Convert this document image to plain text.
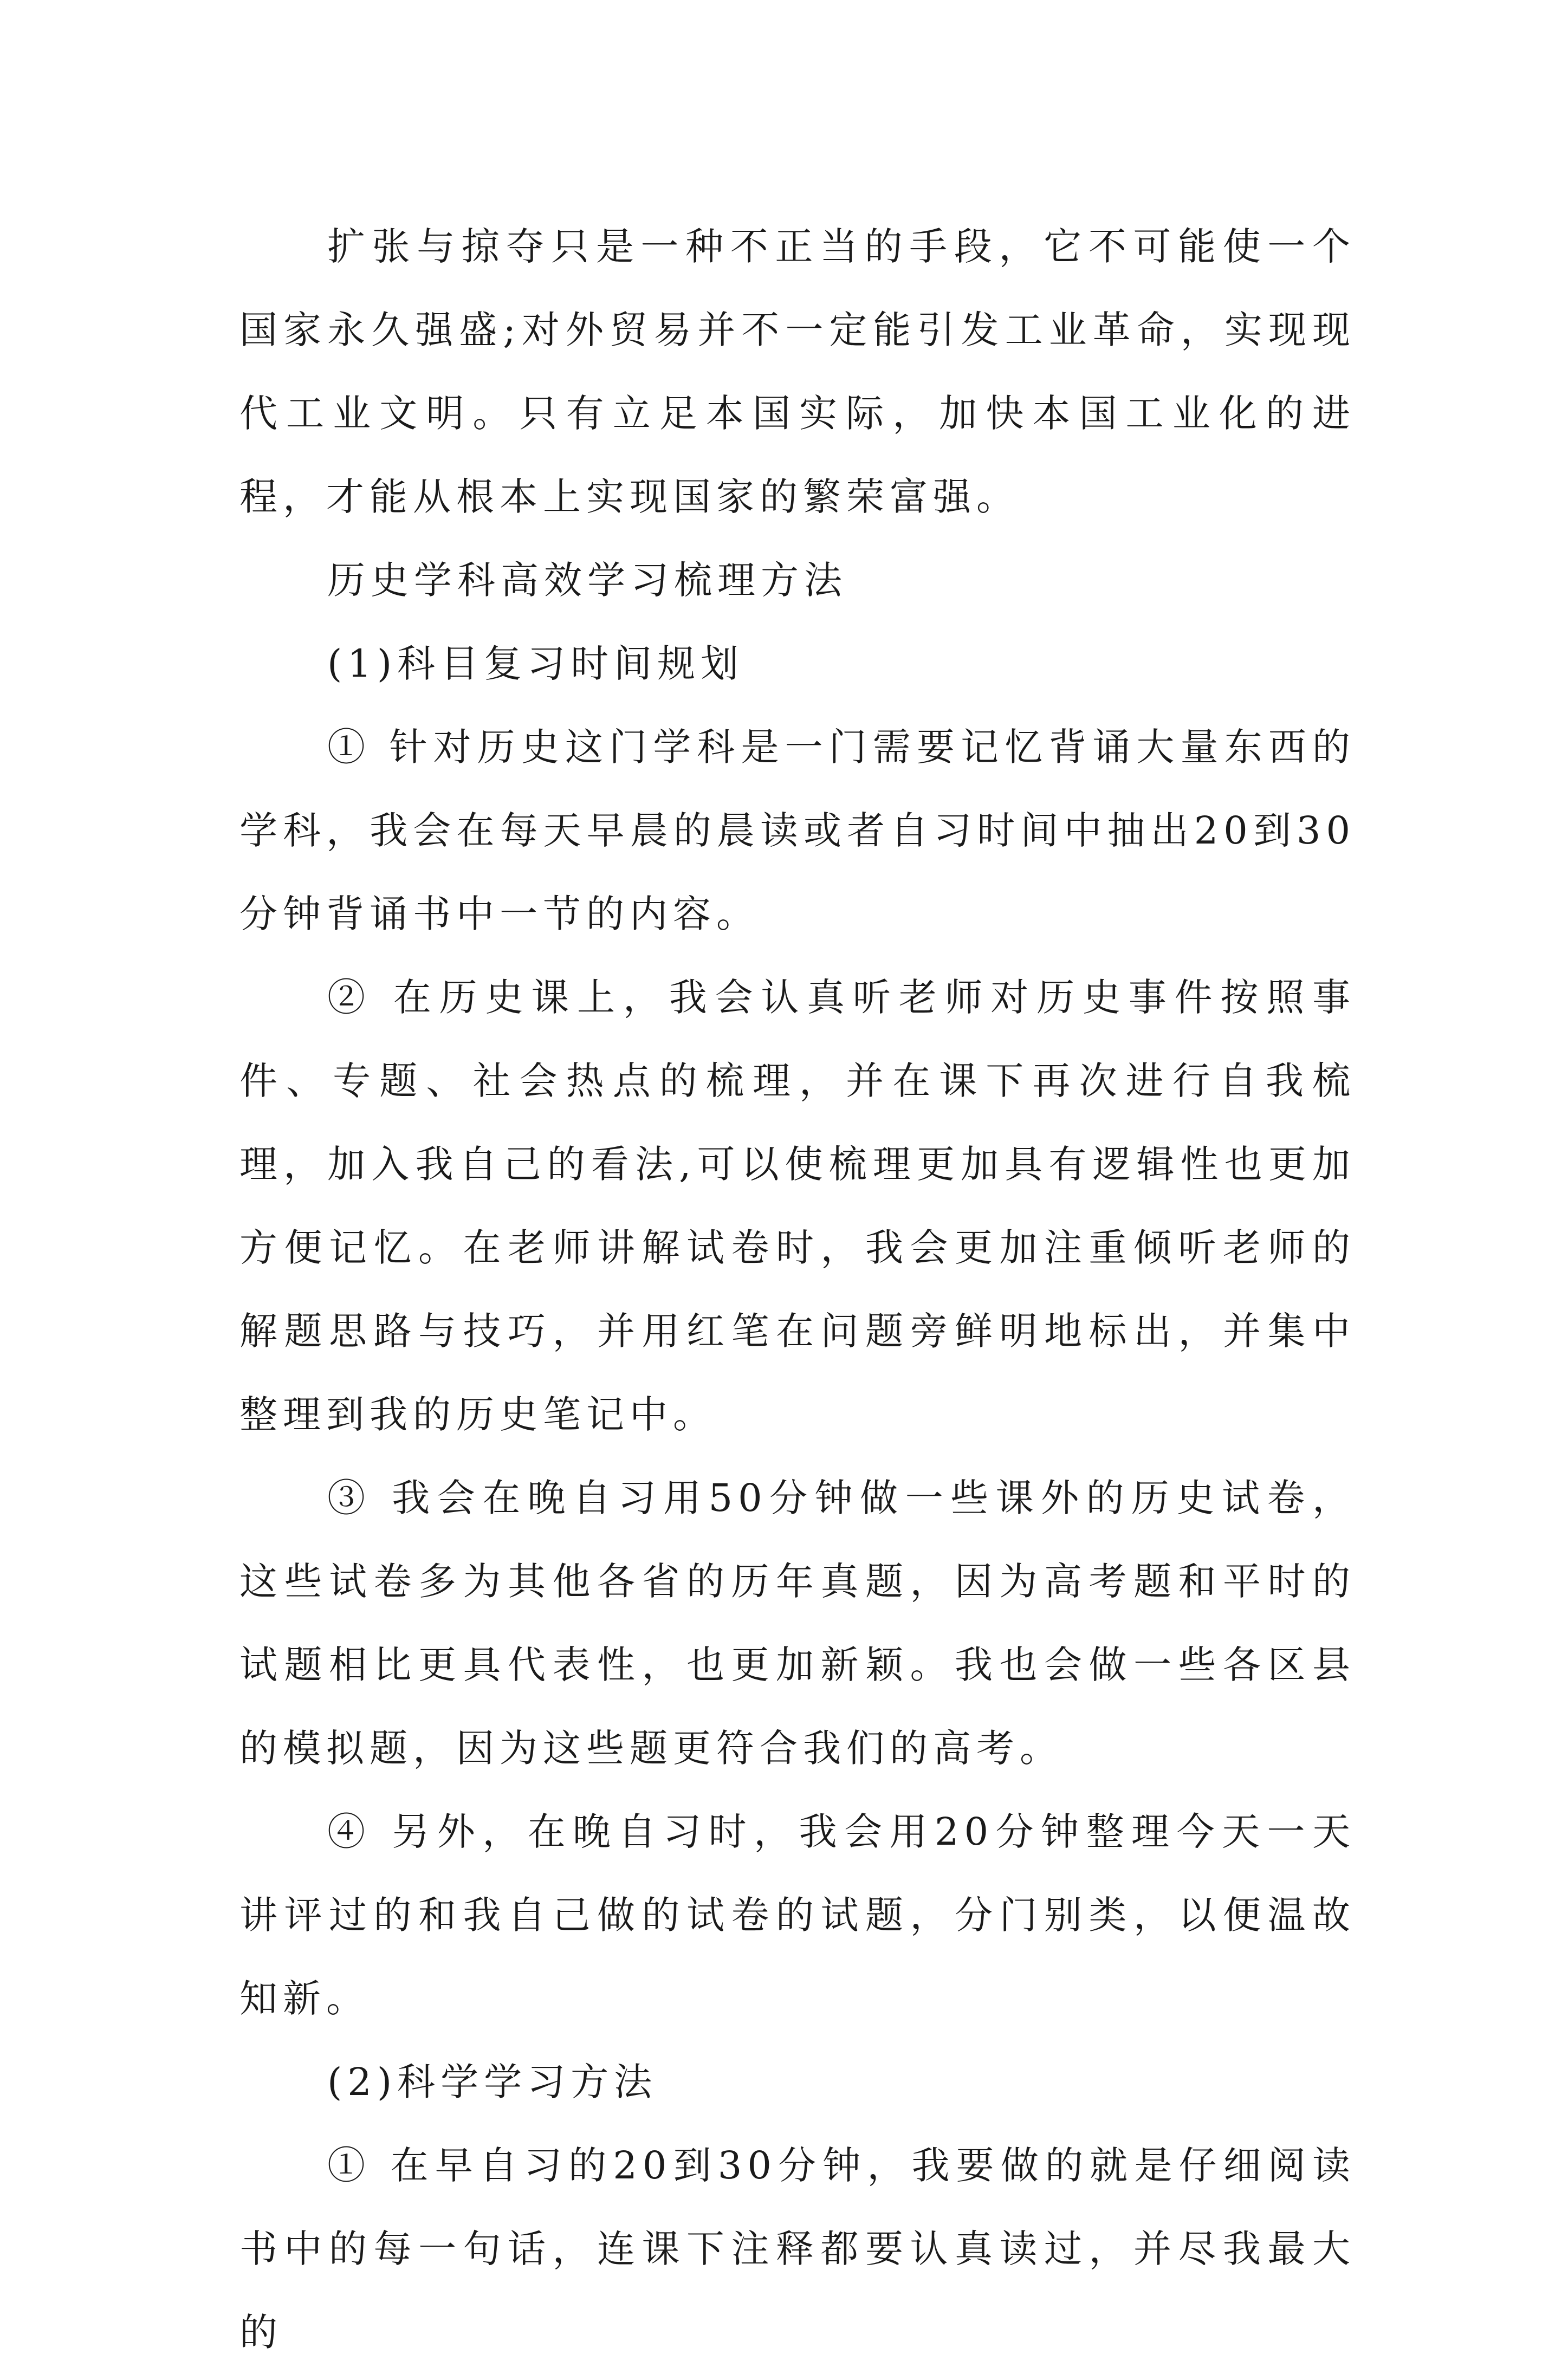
扩张与掠夺只是一种不正当的手段，它不可能使一个国家永久强盛;对外贸易并不一定能引发工业革命，实现现代工业文明。只有立足本国实际，加快本国工业化的进程，才能从根本上实现国家的繁荣富强。

历史学科高效学习梳理方法

(1)科目复习时间规划

① 针对历史这门学科是一门需要记忆背诵大量东西的学科，我会在每天早晨的晨读或者自习时间中抽出20到30分钟背诵书中一节的内容。

② 在历史课上，我会认真听老师对历史事件按照事件、专题、社会热点的梳理，并在课下再次进行自我梳理，加入我自己的看法,可以使梳理更加具有逻辑性也更加方便记忆。在老师讲解试卷时，我会更加注重倾听老师的解题思路与技巧，并用红笔在问题旁鲜明地标出，并集中整理到我的历史笔记中。

③ 我会在晚自习用50分钟做一些课外的历史试卷，这些试卷多为其他各省的历年真题，因为高考题和平时的试题相比更具代表性，也更加新颖。我也会做一些各区县的模拟题，因为这些题更符合我们的高考。

④ 另外，在晚自习时，我会用20分钟整理今天一天讲评过的和我自己做的试卷的试题，分门别类，以便温故知新。

(2)科学学习方法

① 在早自习的20到30分钟，我要做的就是仔细阅读书中的每一句话，连课下注释都要认真读过，并尽我最大的
